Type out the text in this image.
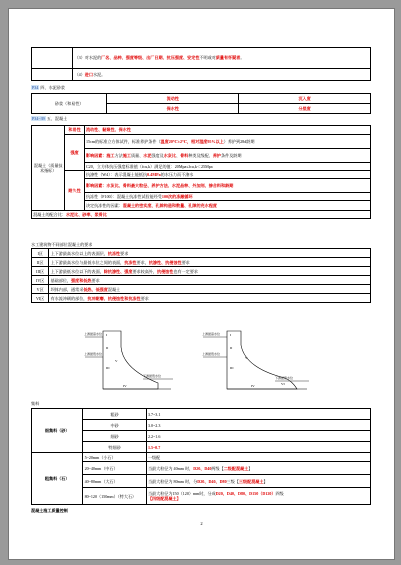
	（3）对水泥的厂名、品种、强度等级、出厂日期、抗压强度、安定性不明或对质量有怀疑者。
	（4）进口水泥。
P34 四、水泥砂浆
砂浆（和易性）	流动性	沉入度
	保水性	分层度
P34~39 五、混凝土
混凝土（质量技术指标）	和易性	流动性、黏聚性、保水性
	强度	15cm的标准立方体试件，标准养护条件（温度20℃±2℃，相对湿度95%以上）养护到28d龄期
		影响因素：施工方法施工质量、水泥强度及水灰比、骨料种类及级配、养护条件及龄期
		C20，立方体抗压强度标准值（fcu,k）满足的值：20Mpa≤fcu,k＜25Mpa
	耐久性	抗渗性（W4）：表示混凝土能抵抗0.4MPa的水压力而不渗水
		影响因素：水灰比、骨料最大粒径、养护方法、水泥品种、外加剂、掺合料和龄期
		抗冻性（F100）：混凝土抗冻性试验能经受100次的冻融循环
		决定抗冻性的因素：混凝土的密实度、孔隙构造和数量、孔隙的充水程度
混凝土的配合比：水泥比、砂率、浆骨比		
水工建筑物不同部位混凝土的要求
I区	上下游最高水位以上的表面层，抗冻性要求
II区	上下游最高水位与最低水位之间的表面，抗冻性要求，抗渗性、抗侵蚀性要求
III区	上下游最低水位以下的表面，除抗渗性、强度要求较高外，抗侵蚀性也有一定要求
IV区	基础部位，强度和低热要求
V区	坝体内部，通常采低热、低强度混凝土
VI区	有水流冲刷的部位，抗冲耐磨、抗侵蚀性和抗冻性要求
上游最高水位
上游最低水位
下游最低水位
I
II
III
IV
V
上游最高水位
上游最低水位
下游最低水位
I
II
III
IV
V
VI
集料
细集料（砂）	粗砂	3.7~3.1
	中砂	3.0~2.3
	细砂	2.2~1.6
	特细砂	1.5~0.7
粗集料（石）	5~20mm（小石）	一级配
	20~40mm（中石）	当最大粒径为 40mm 时，D20、D40两级【二级配混凝土】
	40~80mm（大石）	当最大粒径为 80mm 时，分D20、D40、D80三级【三级配混凝土】
	80~120（150mm）（特大石）	当最大粒径为150（120）mm时，分成D20、D40、D80、D150（D120）四级
【四级配混凝土】
混凝土施工质量控制
2
